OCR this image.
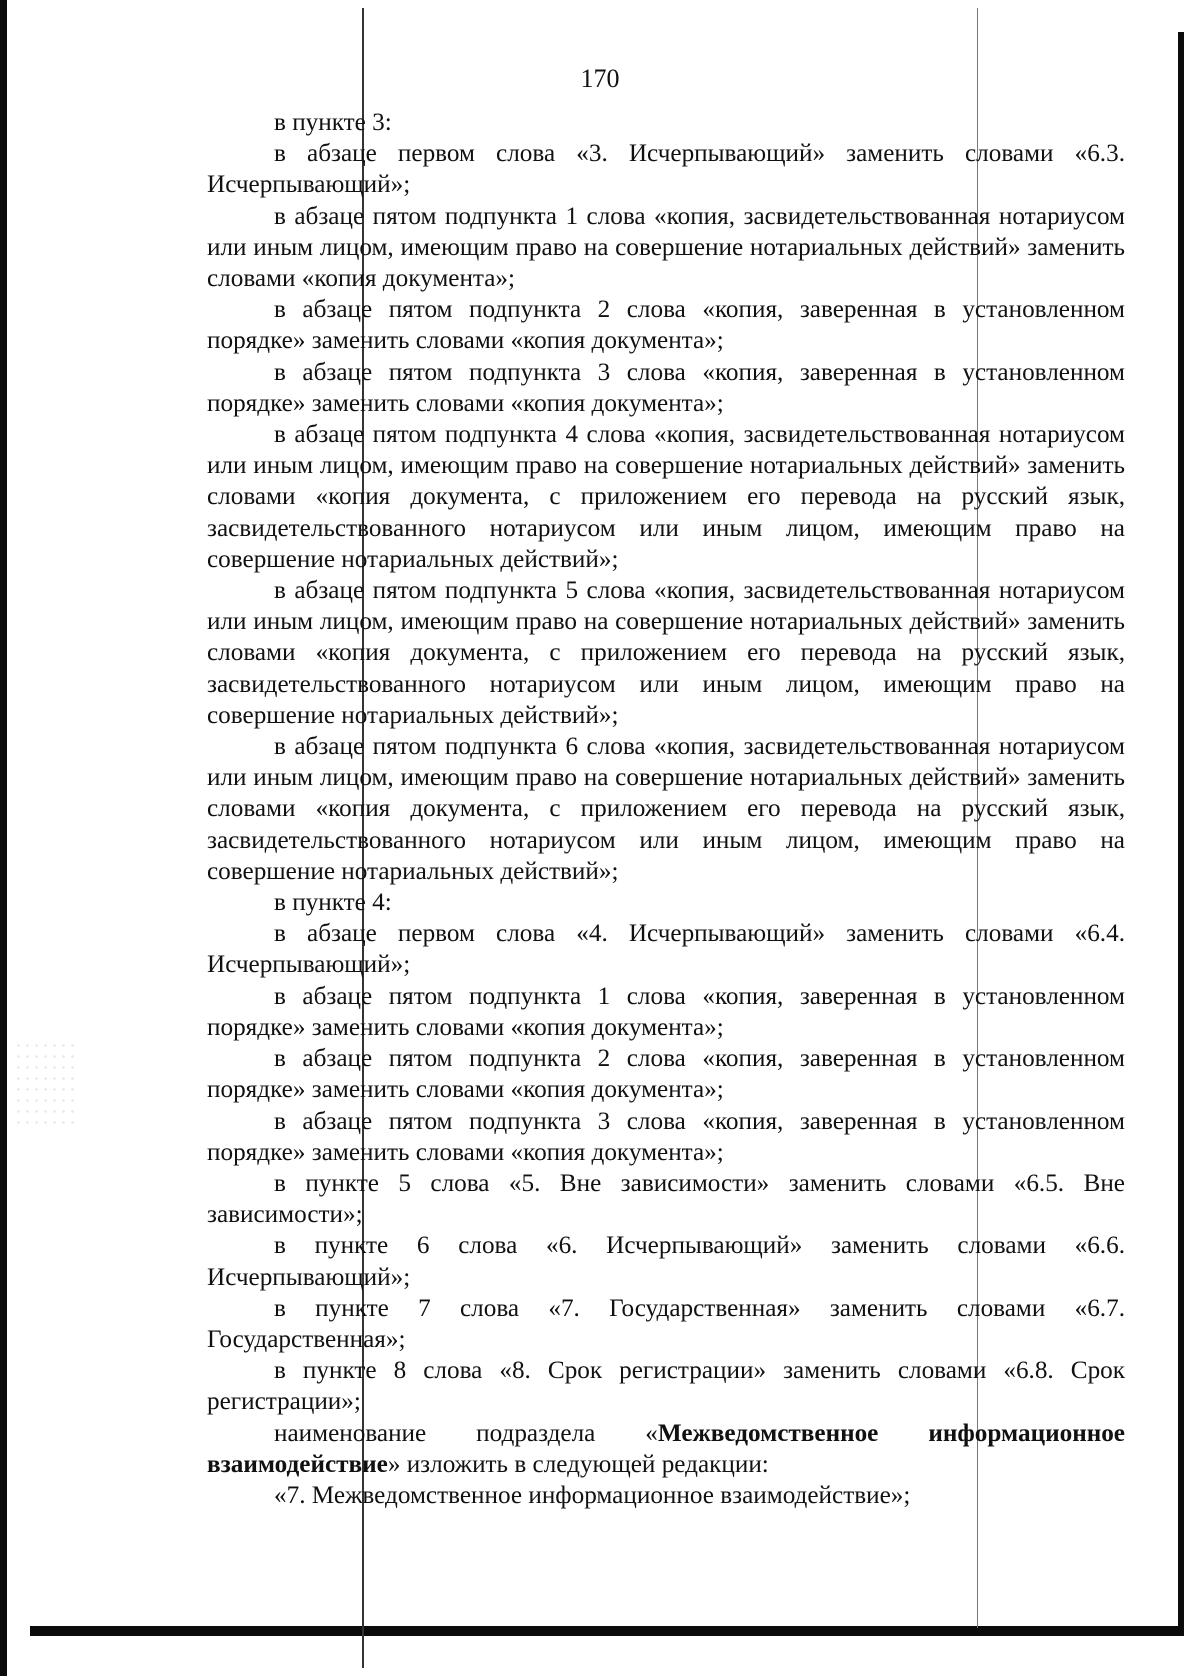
170

в пункте 3:

в абзаце первом слова «3. Исчерпывающий» заменить словами «6.3. Исчерпывающий»;

в абзаце пятом подпункта 1 слова «копия, засвидетельствованная нотариусом или иным лицом, имеющим право на совершение нотариальных действий» заменить словами «копия документа»;

в абзаце пятом подпункта 2 слова «копия, заверенная в установленном порядке» заменить словами «копия документа»;

в абзаце пятом подпункта 3 слова «копия, заверенная в установленном порядке» заменить словами «копия документа»;

в абзаце пятом подпункта 4 слова «копия, засвидетельствованная нотариусом или иным лицом, имеющим право на совершение нотариальных действий» заменить словами «копия документа, с приложением его перевода на русский язык, засвидетельствованного нотариусом или иным лицом, имеющим право на совершение нотариальных действий»;

в абзаце пятом подпункта 5 слова «копия, засвидетельствованная нотариусом или иным лицом, имеющим право на совершение нотариальных действий» заменить словами «копия документа, с приложением его перевода на русский язык, засвидетельствованного нотариусом или иным лицом, имеющим право на совершение нотариальных действий»;

в абзаце пятом подпункта 6 слова «копия, засвидетельствованная нотариусом или иным лицом, имеющим право на совершение нотариальных действий» заменить словами «копия документа, с приложением его перевода на русский язык, засвидетельствованного нотариусом или иным лицом, имеющим право на совершение нотариальных действий»;

в пункте 4:

в абзаце первом слова «4. Исчерпывающий» заменить словами «6.4. Исчерпывающий»;

в абзаце пятом подпункта 1 слова «копия, заверенная в установленном порядке» заменить словами «копия документа»;

в абзаце пятом подпункта 2 слова «копия, заверенная в установленном порядке» заменить словами «копия документа»;

в абзаце пятом подпункта 3 слова «копия, заверенная в установленном порядке» заменить словами «копия документа»;

в пункте 5 слова «5. Вне зависимости» заменить словами «6.5. Вне зависимости»;

в пункте 6 слова «6. Исчерпывающий» заменить словами «6.6. Исчерпывающий»;

в пункте 7 слова «7. Государственная» заменить словами «6.7. Государственная»;

в пункте 8 слова «8. Срок регистрации» заменить словами «6.8. Срок регистрации»;

наименование подраздела «Межведомственное информационное взаимодействие» изложить в следующей редакции:

«7. Межведомственное информационное взаимодействие»;
